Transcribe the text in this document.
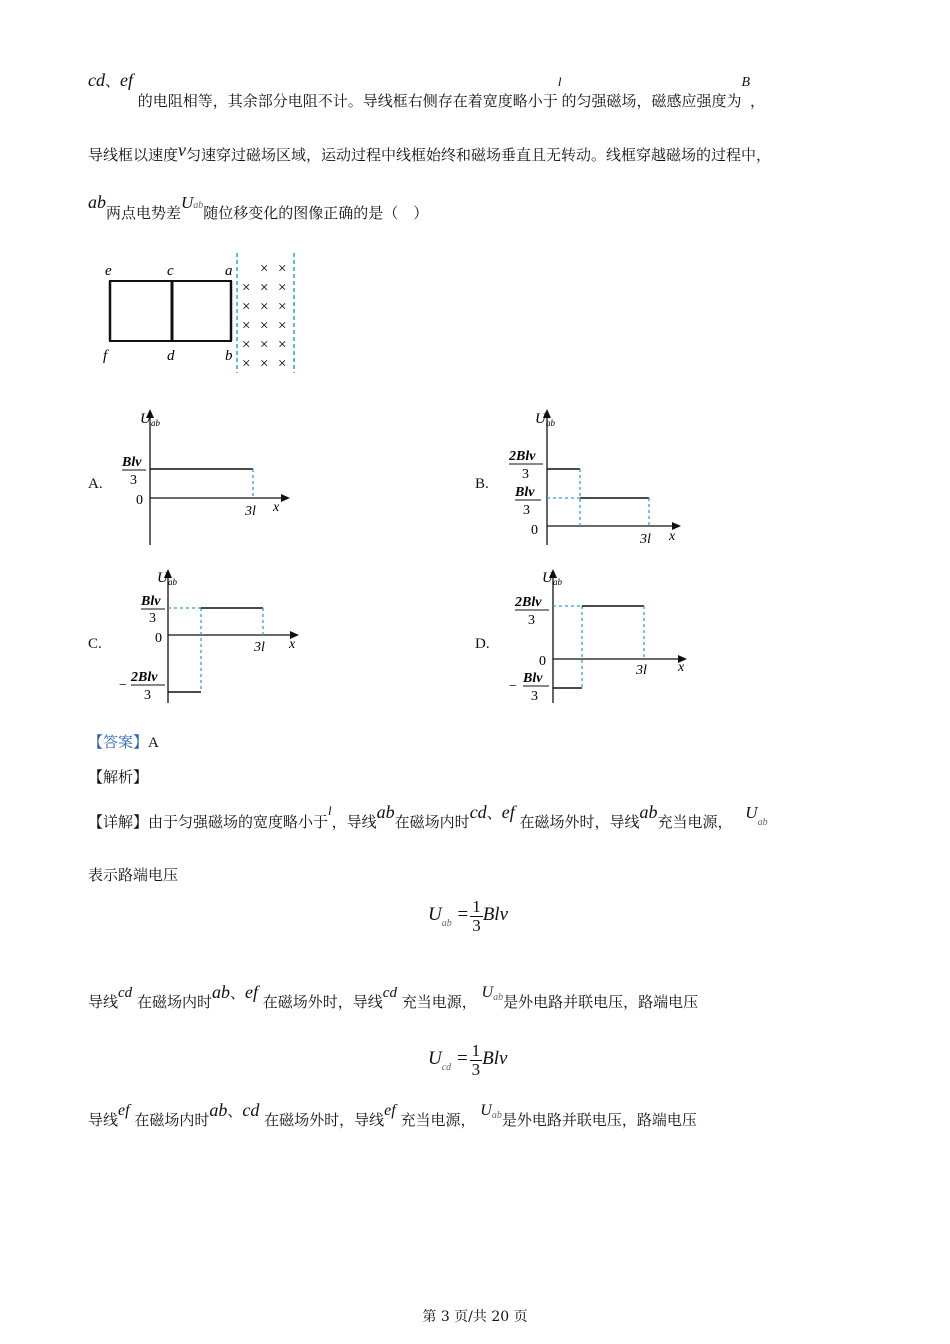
cd、ef 的电阻相等，其余部分电阻不计。导线框右侧存在着宽度略小于l的匀强磁场，磁感应强度为B，
导线框以速度v匀速穿过磁场区域，运动过程中线框始终和磁场垂直且无转动。线框穿越磁场的过程中，
ab两点电势差$U^{ab}$随位移变化的图像正确的是（　）
e	c	a
f	d	b
× ×
× × ×
× × ×
× × ×
× × ×
× × ×
A.
U ab
Blv
3
0
3l x
B.
U ab
2Blv
3
Blv
3
0
3l x
C.
U ab
Blv
3
0
−
2Blv
3
3l x	D.
U ab
2Blv
3
0
−
Blv
3
3l x
【答案】A
【解析】
【详解】由于匀强磁场的宽度略小于l，导线ab在磁场内时cd、ef 在磁场外时，导线ab充当电源， $U_{ab}$
表示路端电压
$U_{ab} = \frac{1}{3}$ Blv
导线cd 在磁场内时ab、ef 在磁场外时，导线cd 充当电源， Uab是外电路并联电压，路端电压
$U_{cd} = \frac{1}{3}$ Blv
导线ef 在磁场内时ab、cd 在磁场外时，导线ef 充当电源， Uab是外电路并联电压，路端电压
第 3 页/共 20 页
